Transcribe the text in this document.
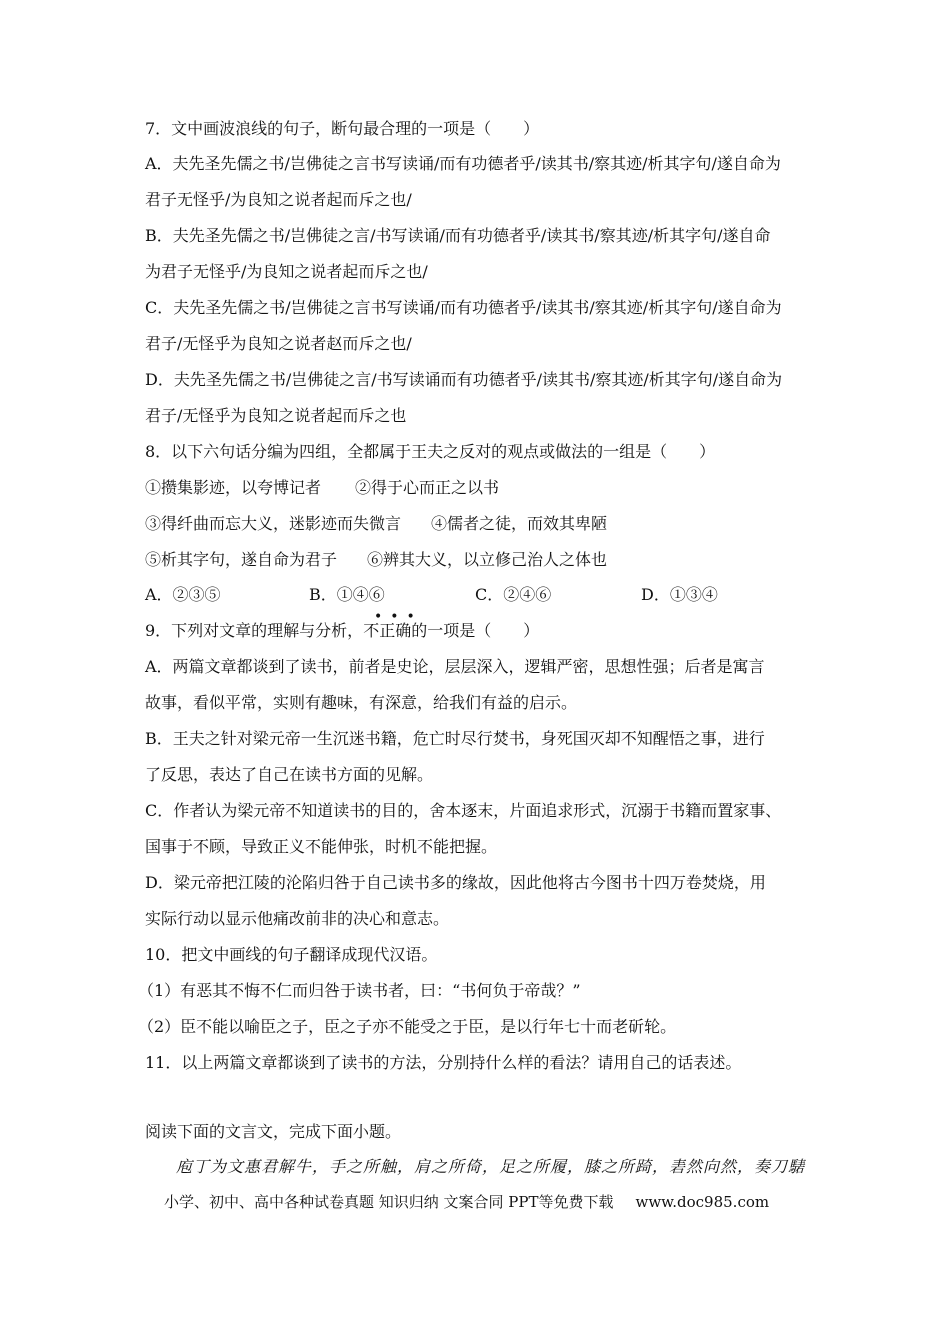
7．文中画波浪线的句子，断句最合理的一项是（　　）
A．夫先圣先儒之书/岂佛徒之言书写读诵/而有功德者乎/读其书/察其迹/析其字句/遂自命为
君子无怪乎/为良知之说者起而斥之也/
B．夫先圣先儒之书/岂佛徒之言/书写读诵/而有功德者乎/读其书/察其迹/析其字句/遂自命
为君子无怪乎/为良知之说者起而斥之也/
C．夫先圣先儒之书/岂佛徒之言书写读诵/而有功德者乎/读其书/察其迹/析其字句/遂自命为
君子/无怪乎为良知之说者赵而斥之也/
D．夫先圣先儒之书/岂佛徒之言/书写读诵而有功德者乎/读其书/察其迹/析其字句/遂自命为
君子/无怪乎为良知之说者起而斥之也
8．以下六句话分编为四组，全都属于王夫之反对的观点或做法的一组是（　　）
①攒集影迹，以夸博记者 ②得于心而正之以书
③得纤曲而忘大义，迷影迹而失微言 ④儒者之徒，而效其卑陋
⑤析其字句，遂自命为君子 ⑥辨其大义，以立修己治人之体也
A．②③⑤	B．①④⑥	C．②④⑥	D．①③④
•••
9．下列对文章的理解与分析，不正确的一项是（　　）
A．两篇文章都谈到了读书，前者是史论，层层深入，逻辑严密，思想性强；后者是寓言
故事，看似平常，实则有趣味，有深意，给我们有益的启示。
B．王夫之针对梁元帝一生沉迷书籍，危亡时尽行焚书，身死国灭却不知醒悟之事，进行
了反思，表达了自己在读书方面的见解。
C．作者认为梁元帝不知道读书的目的，舍本逐末，片面追求形式，沉溺于书籍而置家事、
国事于不顾，导致正义不能伸张，时机不能把握。
D．梁元帝把江陵的沦陷归咎于自己读书多的缘故，因此他将古今图书十四万卷焚烧，用
实际行动以显示他痛改前非的决心和意志。
10．把文中画线的句子翻译成现代汉语。
（1）有恶其不悔不仁而归咎于读书者，曰：“书何负于帝哉？”
（2）臣不能以喻臣之子，臣之子亦不能受之于臣，是以行年七十而老斫轮。
11．以上两篇文章都谈到了读书的方法，分别持什么样的看法？请用自己的话表述。
阅读下面的文言文，完成下面小题。
庖丁为文惠君解牛，手之所触，肩之所倚，足之所履，膝之所踦，砉然向然，奏刀騞
小学、初中、高中各种试卷真题 知识归纳 文案合同 PPT等免费下载 www.doc985.com
